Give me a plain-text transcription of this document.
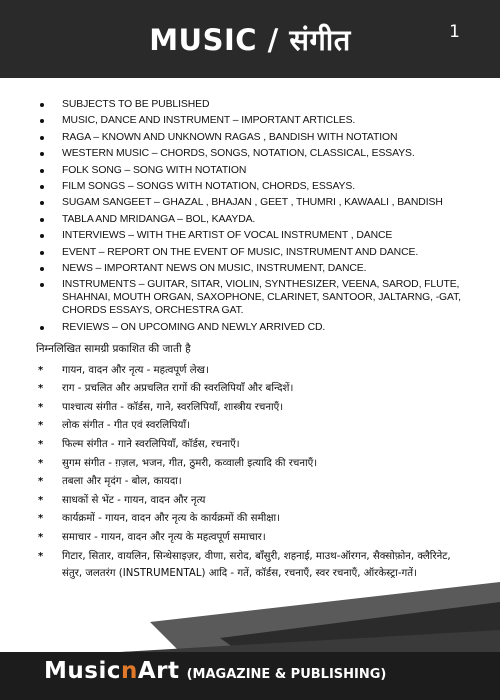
MUSIC / संगीत	1
SUBJECTS TO BE PUBLISHED
MUSIC, DANCE AND INSTRUMENT – IMPORTANT ARTICLES.
RAGA – KNOWN AND UNKNOWN RAGAS , BANDISH WITH NOTATION
WESTERN MUSIC – CHORDS, SONGS, NOTATION, CLASSICAL, ESSAYS.
FOLK SONG – SONG WITH NOTATION
FILM SONGS – SONGS WITH NOTATION, CHORDS, ESSAYS.
SUGAM SANGEET – GHAZAL , BHAJAN , GEET , THUMRI , KAWAALI , BANDISH
TABLA AND MRIDANGA – BOL, KAAYDA.
INTERVIEWS – WITH THE ARTIST OF VOCAL INSTRUMENT , DANCE
EVENT – REPORT ON THE EVENT OF MUSIC, INSTRUMENT AND DANCE.
NEWS – IMPORTANT NEWS ON MUSIC, INSTRUMENT, DANCE.
INSTRUMENTS – GUITAR, SITAR, VIOLIN, SYNTHESIZER, VEENA, SAROD, FLUTE, SHAHNAI, MOUTH ORGAN, SAXOPHONE, CLARINET, SANTOOR, JALTARNG, -GAT, CHORDS ESSAYS, ORCHESTRA GAT.
REVIEWS – ON UPCOMING AND NEWLY ARRIVED CD.
निम्नलिखित सामग्री प्रकाशित की जाती है
* गायन, वादन और नृत्य - महत्वपूर्ण लेख।
* राग - प्रचलित और अप्रचलित रागों की स्वरलिपियाँ और बन्दिशें।
* पाश्चात्य संगीत - कॉर्डस, गाने, स्वरलिपियाँ, शास्त्रीय रचनाएँ।
* लोक संगीत - गीत एवं स्वरलिपियाँ।
* फिल्म संगीत - गाने स्वरलिपियाँ, कॉर्डस, रचनाएँ।
* सुगम संगीत - ग़ज़ल, भजन, गीत, ठुमरी, कव्वाली इत्यादि की रचनाएँ।
* तबला और मृदंग - बोल, कायदा।
* साधकों से भेंट - गायन, वादन और नृत्य
* कार्यक्रमों - गायन, वादन और नृत्य के कार्यक्रमों की समीक्षा।
* समाचार - गायन, वादन और नृत्य के महत्वपूर्ण समाचार।
* गिटार, सितार, वायलिन, सिन्थेसाइज़र, वीणा, सरोद, बाँसुरी, शहनाई, माउथ-ऑरगन, सैक्सोफ़ोन, क्लैरिनेट, संतुर, जलतरंग (INSTRUMENTAL) आदि - गतें, कॉर्डस, रचनाएँ, स्वर रचनाएँ, ऑरकेस्ट्रा-गतें।
MusicnArt (MAGAZINE & PUBLISHING)
